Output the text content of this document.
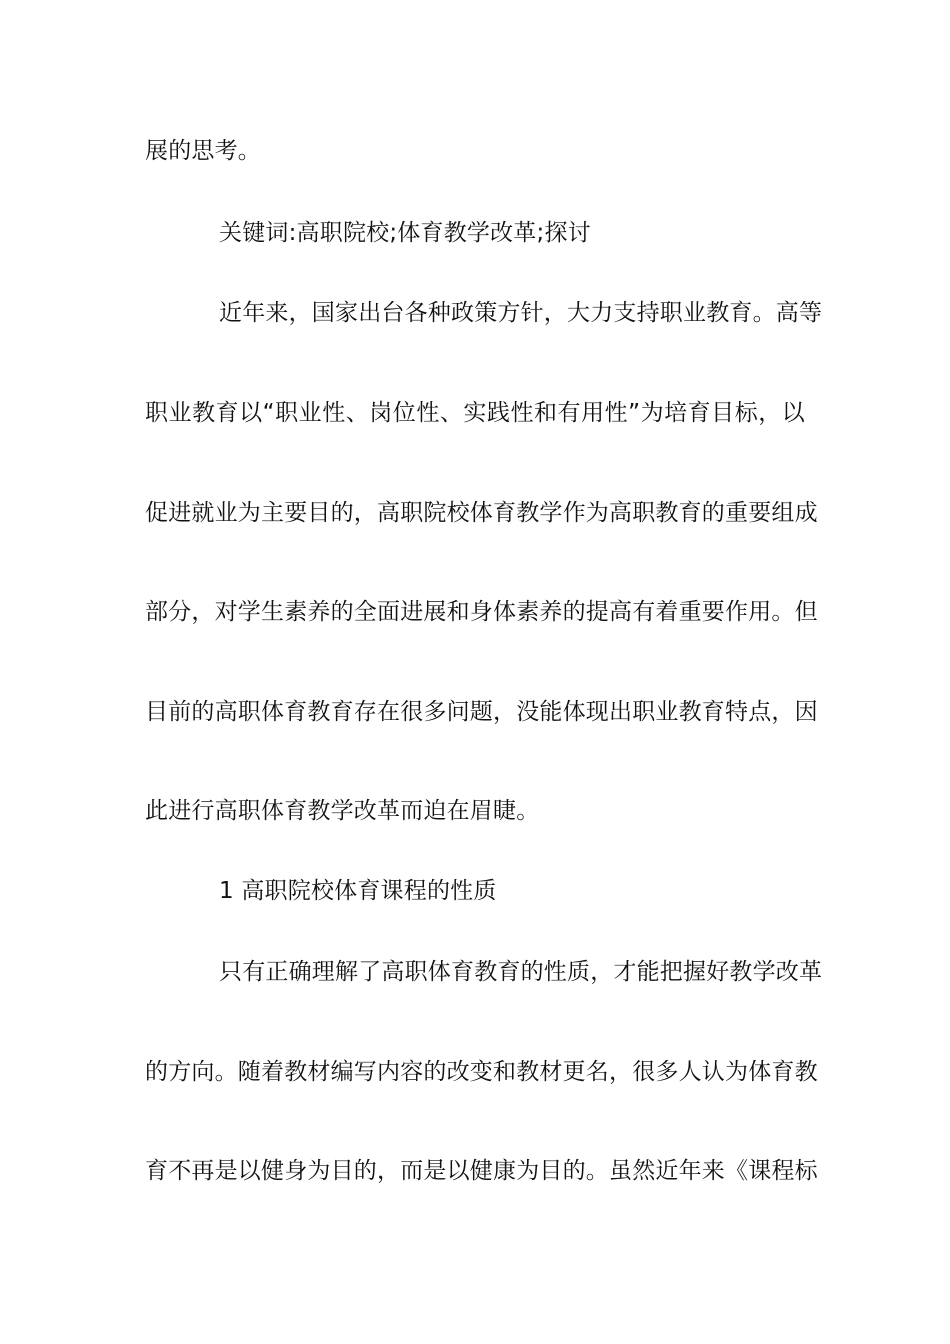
展的思考。
关键词:高职院校;体育教学改革;探讨
近年来，国家出台各种政策方针，大力支持职业教育。高等
职业教育以“职业性、岗位性、实践性和有用性”为培育目标，以
促进就业为主要目的，高职院校体育教学作为高职教育的重要组成
部分，对学生素养的全面进展和身体素养的提高有着重要作用。但
目前的高职体育教育存在很多问题，没能体现出职业教育特点，因
此进行高职体育教学改革而迫在眉睫。
1 高职院校体育课程的性质
只有正确理解了高职体育教育的性质，才能把握好教学改革
的方向。随着教材编写内容的改变和教材更名，很多人认为体育教
育不再是以健身为目的，而是以健康为目的。虽然近年来《课程标
